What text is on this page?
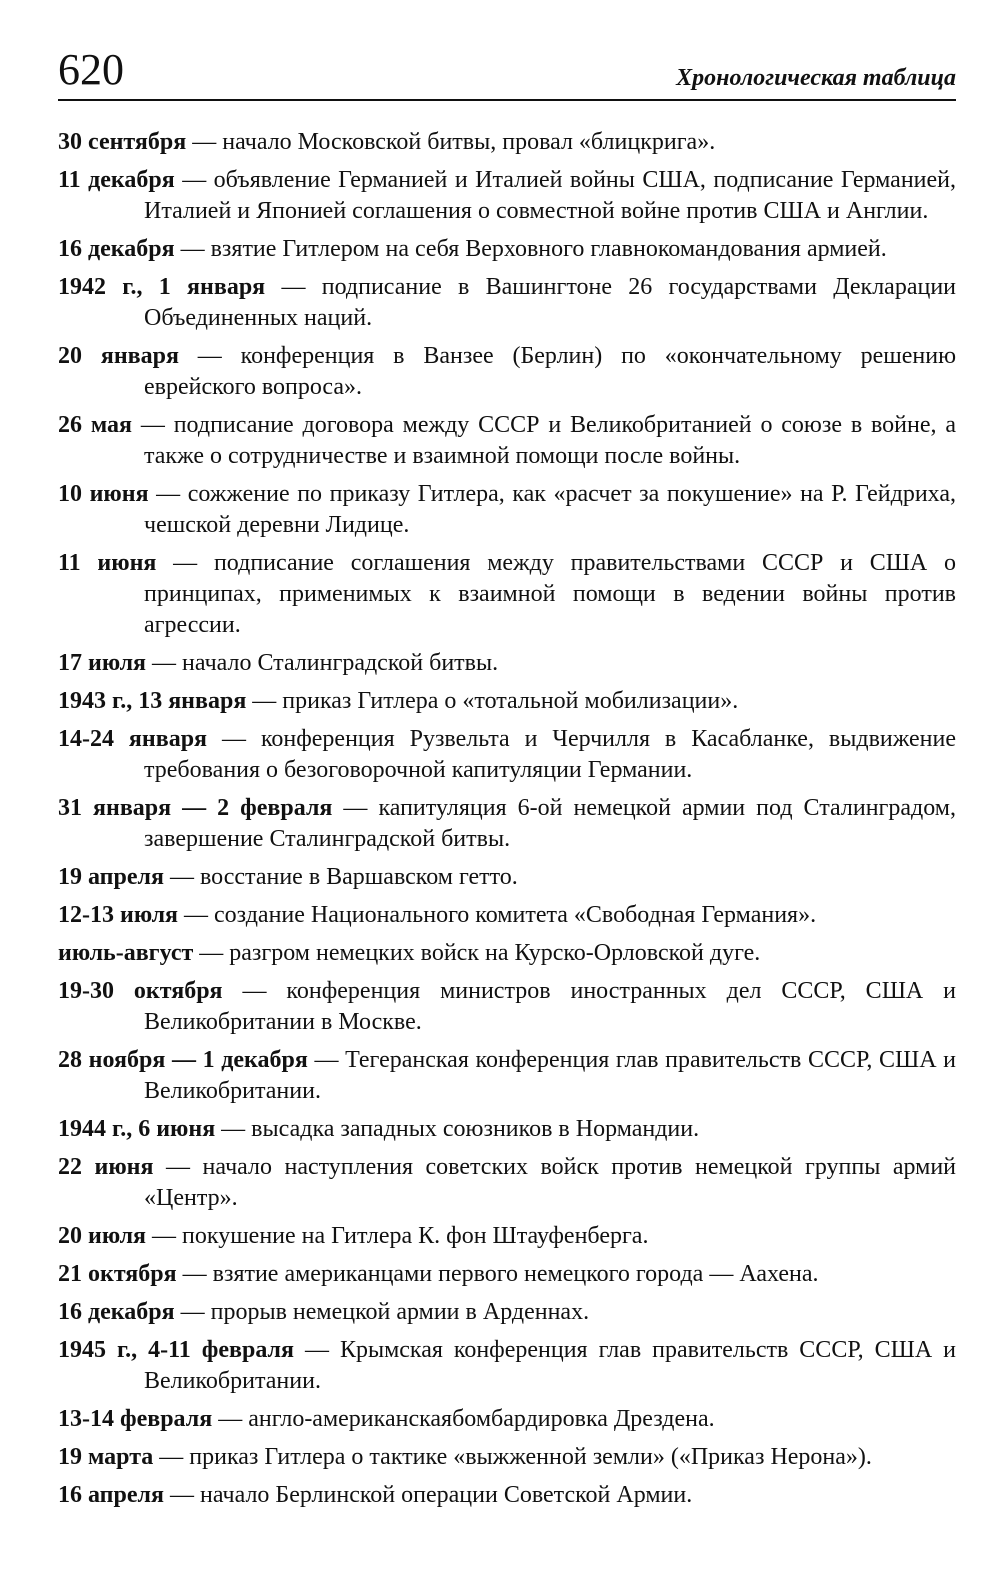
620	Хронологическая таблица

30 сентября — начало Московской битвы, провал «блицкрига».

11 декабря — объявление Германией и Италией войны США, подписание Германией, Италией и Японией соглашения о совместной войне против США и Англии.

16 декабря — взятие Гитлером на себя Верховного главнокомандования армией.

1942 г., 1 января — подписание в Вашингтоне 26 государствами Декларации Объединенных наций.

20 января — конференция в Ванзее (Берлин) по «окончательному решению еврейского вопроса».

26 мая — подписание договора между СССР и Великобританией о союзе в войне, а также о сотрудничестве и взаимной помощи после войны.

10 июня — сожжение по приказу Гитлера, как «расчет за покушение» на Р. Гейдриха, чешской деревни Лидице.

11 июня — подписание соглашения между правительствами СССР и США о принципах, применимых к взаимной помощи в ведении войны против агрессии.

17 июля — начало Сталинградской битвы.

1943 г., 13 января — приказ Гитлера о «тотальной мобилизации».

14-24 января — конференция Рузвельта и Черчилля в Касабланке, выдвижение требования о безоговорочной капитуляции Германии.

31 января — 2 февраля — капитуляция 6-ой немецкой армии под Сталинградом, завершение Сталинградской битвы.

19 апреля — восстание в Варшавском гетто.

12-13 июля — создание Национального комитета «Свободная Германия».

июль-август — разгром немецких войск на Курско-Орловской дуге.

19-30 октября — конференция министров иностранных дел СССР, США и Великобритании в Москве.

28 ноября — 1 декабря — Тегеранская конференция глав правительств СССР, США и Великобритании.

1944 г., 6 июня — высадка западных союзников в Нормандии.

22 июня — начало наступления советских войск против немецкой группы армий «Центр».

20 июля — покушение на Гитлера К. фон Штауфенберга.

21 октября — взятие американцами первого немецкого города — Аахена.

16 декабря — прорыв немецкой армии в Арденнах.

1945 г., 4-11 февраля — Крымская конференция глав правительств СССР, США и Великобритании.

13-14 февраля — англо-американскаябомбардировка Дрездена.

19 марта — приказ Гитлера о тактике «выжженной земли» («Приказ Нерона»).

16 апреля — начало Берлинской операции Советской Армии.
